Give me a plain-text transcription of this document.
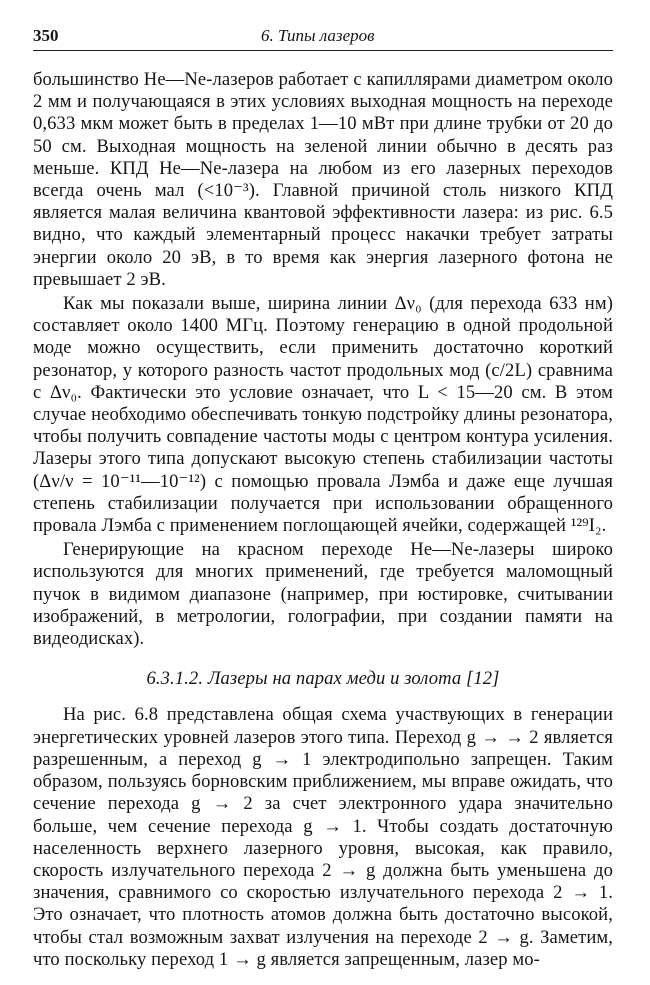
350	6. Типы лазеров

большинство He—Ne-лазеров работает с капиллярами диаметром около 2 мм и получающаяся в этих условиях выходная мощность на переходе 0,633 мкм может быть в пределах 1—10 мВт при длине трубки от 20 до 50 см. Выходная мощность на зеленой линии обычно в десять раз меньше. КПД He—Ne-лазера на любом из его лазерных переходов всегда очень мал (<10⁻³). Главной причиной столь низкого КПД является малая величина квантовой эффективности лазера: из рис. 6.5 видно, что каждый элементарный процесс накачки требует затраты энергии около 20 эВ, в то время как энергия лазерного фотона не превышает 2 эВ.

Как мы показали выше, ширина линии Δν₀ (для перехода 633 нм) составляет около 1400 МГц. Поэтому генерацию в одной продольной моде можно осуществить, если применить достаточно короткий резонатор, у которого разность частот продольных мод (c/2L) сравнима с Δν₀. Фактически это условие означает, что L < 15—20 см. В этом случае необходимо обеспечивать тонкую подстройку длины резонатора, чтобы получить совпадение частоты моды с центром контура усиления. Лазеры этого типа допускают высокую степень стабилизации частоты (Δν/ν = 10⁻¹¹—10⁻¹²) с помощью провала Лэмба и даже еще лучшая степень стабилизации получается при использовании обращенного провала Лэмба с применением поглощающей ячейки, содержащей ¹²⁹I₂.

Генерирующие на красном переходе He—Ne-лазеры широко используются для многих применений, где требуется маломощный пучок в видимом диапазоне (например, при юстировке, считывании изображений, в метрологии, голографии, при создании памяти на видеодисках).

6.3.1.2. Лазеры на парах меди и золота [12]

На рис. 6.8 представлена общая схема участвующих в генерации энергетических уровней лазеров этого типа. Переход g → → 2 является разрешенным, а переход g → 1 электродипольно запрещен. Таким образом, пользуясь борновским приближением, мы вправе ожидать, что сечение перехода g → 2 за счет электронного удара значительно больше, чем сечение перехода g → 1. Чтобы создать достаточную населенность верхнего лазерного уровня, высокая, как правило, скорость излучательного перехода 2 → g должна быть уменьшена до значения, сравнимого со скоростью излучательного перехода 2 → 1. Это означает, что плотность атомов должна быть достаточно высокой, чтобы стал возможным захват излучения на переходе 2 → g. Заметим, что поскольку переход 1 → g является запрещенным, лазер мо-
